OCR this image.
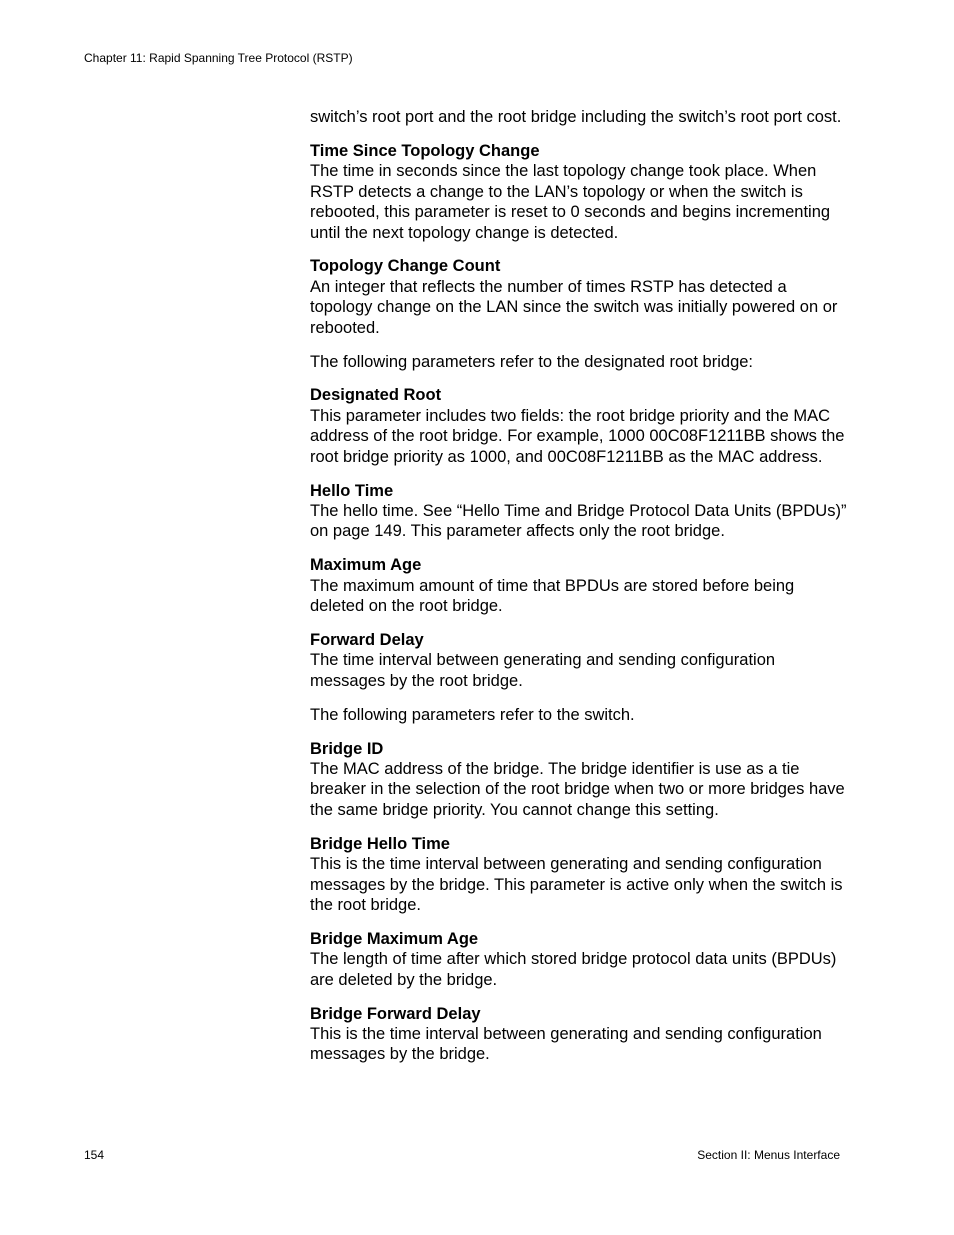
Chapter 11: Rapid Spanning Tree Protocol (RSTP)

switch’s root port and the root bridge including the switch’s root port cost.

Time Since Topology Change
The time in seconds since the last topology change took place. When RSTP detects a change to the LAN’s topology or when the switch is rebooted, this parameter is reset to 0 seconds and begins incrementing until the next topology change is detected.
Topology Change Count
An integer that reflects the number of times RSTP has detected a topology change on the LAN since the switch was initially powered on or rebooted.

The following parameters refer to the designated root bridge:

Designated Root
This parameter includes two fields: the root bridge priority and the MAC address of the root bridge. For example, 1000 00C08F1211BB shows the root bridge priority as 1000, and 00C08F1211BB as the MAC address.
Hello Time
The hello time. See “Hello Time and Bridge Protocol Data Units (BPDUs)” on page 149. This parameter affects only the root bridge.
Maximum Age
The maximum amount of time that BPDUs are stored before being deleted on the root bridge.
Forward Delay
The time interval between generating and sending configuration messages by the root bridge.

The following parameters refer to the switch.

Bridge ID
The MAC address of the bridge. The bridge identifier is use as a tie breaker in the selection of the root bridge when two or more bridges have the same bridge priority. You cannot change this setting.
Bridge Hello Time
This is the time interval between generating and sending configuration messages by the bridge. This parameter is active only when the switch is the root bridge.
Bridge Maximum Age
The length of time after which stored bridge protocol data units (BPDUs) are deleted by the bridge.
Bridge Forward Delay
This is the time interval between generating and sending configuration messages by the bridge.
154	Section II: Menus Interface
